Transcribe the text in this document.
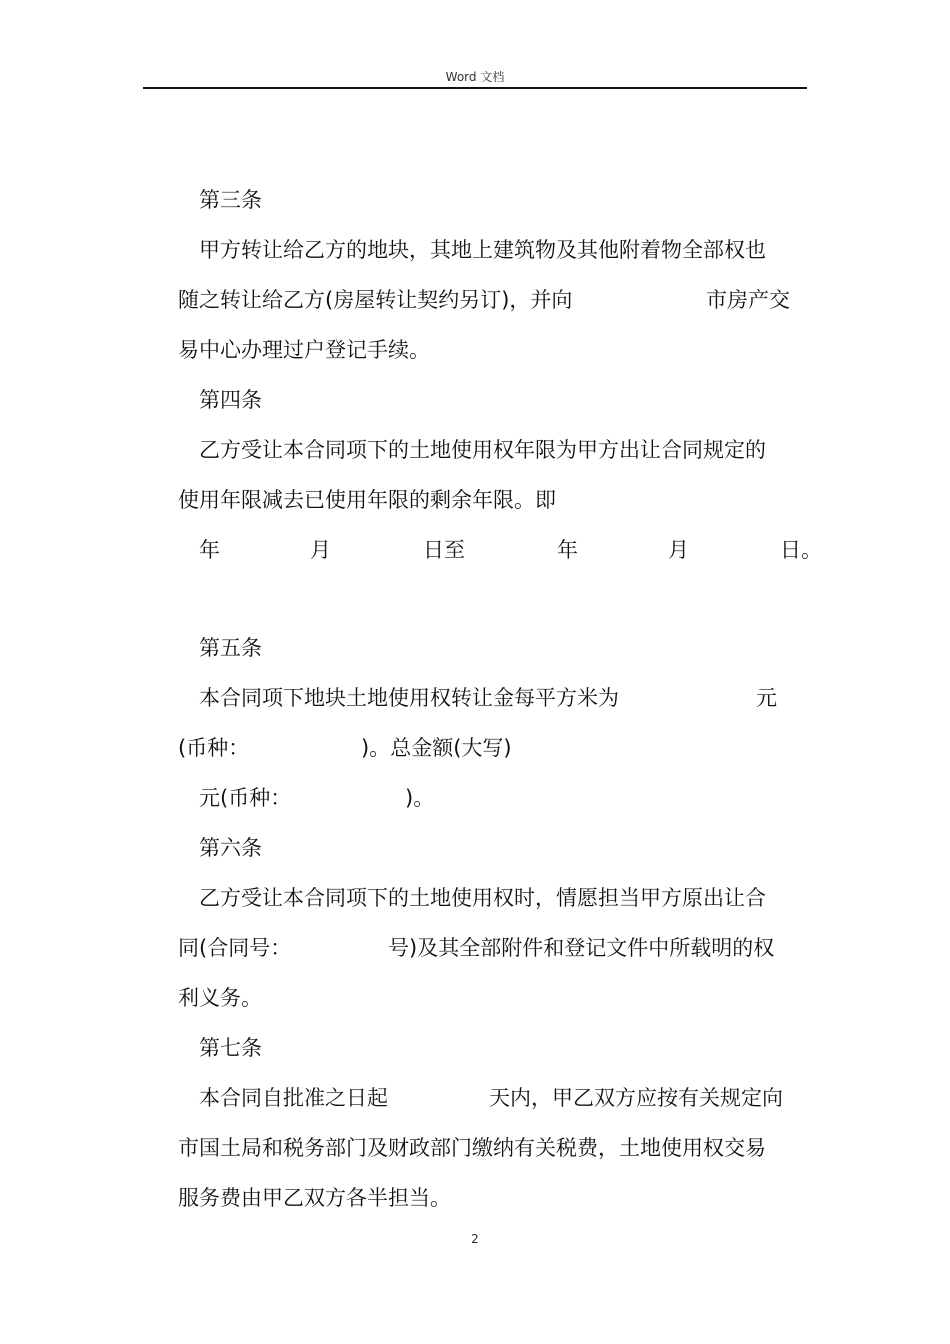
Word 文档
第三条
甲方转让给乙方的地块，其地上建筑物及其他附着物全部权也
随之转让给乙方(房屋转让契约另订)，并向	市房产交
易中心办理过户登记手续。
第四条
乙方受让本合同项下的土地使用权年限为甲方出让合同规定的
使用年限减去已使用年限的剩余年限。即
年	月	日至	年	月	日。
第五条
本合同项下地块土地使用权转让金每平方米为	元
(币种：	)。总金额(大写)
元(币种：	)。
第六条
乙方受让本合同项下的土地使用权时，情愿担当甲方原出让合
同(合同号：	号)及其全部附件和登记文件中所载明的权
利义务。
第七条
本合同自批准之日起	天内，甲乙双方应按有关规定向
市国土局和税务部门及财政部门缴纳有关税费，土地使用权交易
服务费由甲乙双方各半担当。
2
